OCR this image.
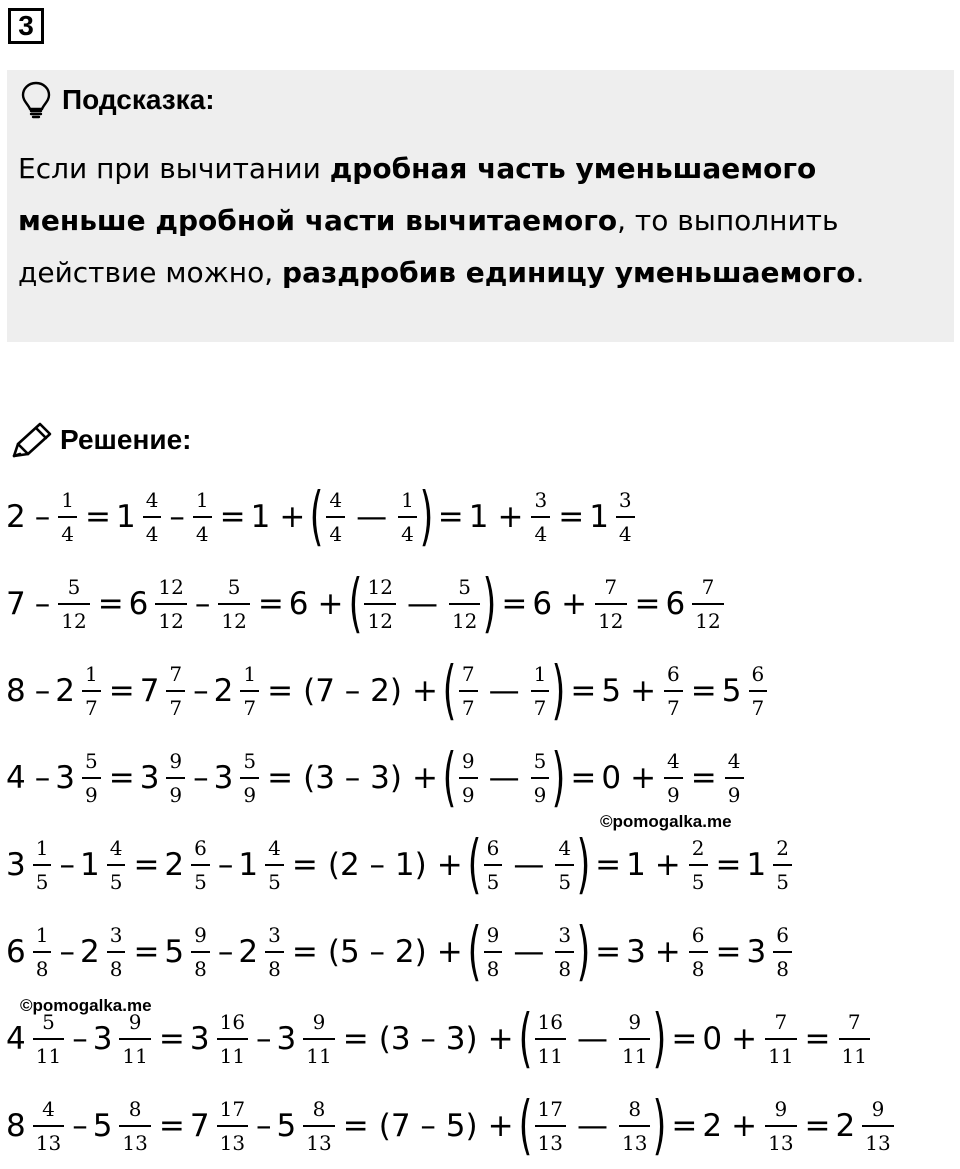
3
Подсказка:
Если при вычитании дробная часть уменьшаемого меньше дробной части вычитаемого, то выполнить действие можно, раздробив единицу уменьшаемого.
Решение:
$2 - \frac{1}{4} = 1 \frac{4}{4} - \frac{1}{4} = 1$ + ( $\frac{4}{4}$ — $\frac{1}{4}$ ) = $1 + \frac{3}{4} = 1 \frac{3}{4}$
$7 - \frac{5}{12} = 6 \frac{12}{12} - \frac{5}{12} = 6$ + ( $\frac{12}{12}$ — $\frac{5}{12}$ ) = $6 + \frac{7}{12} = 6 \frac{7}{12}$
$8 - 2 \frac{1}{7} = 7 \frac{7}{7} - 2 \frac{1}{7} = (7 - 2)$ + ( $\frac{7}{7}$ — $\frac{1}{7}$ ) = $5 + \frac{6}{7} = 5 \frac{6}{7}$
$4 - 3 \frac{5}{9} = 3 \frac{9}{9} - 3 \frac{5}{9} = (3 - 3)$ + ( $\frac{9}{9}$ — $\frac{5}{9}$ ) = $0 + \frac{4}{9} = \frac{4}{9}$
$3 \frac{1}{5} - 1 \frac{4}{5} = 2 \frac{6}{5} - 1 \frac{4}{5} = (2 - 1)$ + ( $\frac{6}{5}$ — $\frac{4}{5}$ ) = $1 + \frac{2}{5} = 1 \frac{2}{5}$
$6 \frac{1}{8} - 2 \frac{3}{8} = 5 \frac{9}{8} - 2 \frac{3}{8} = (5 - 2)$ + ( $\frac{9}{8}$ — $\frac{3}{8}$ ) = $3 + \frac{6}{8} = 3 \frac{6}{8}$
$4 \frac{5}{11} - 3 \frac{9}{11} = 3 \frac{16}{11} - 3 \frac{9}{11} = (3 - 3)$ + ( $\frac{16}{11}$ — $\frac{9}{11}$ ) = $0 + \frac{7}{11} = \frac{7}{11}$
$8 \frac{4}{13} - 5 \frac{8}{13} = 7 \frac{17}{13} - 5 \frac{8}{13} = (7 - 5)$ + ( $\frac{17}{13}$ — $\frac{8}{13}$ ) = $2 + \frac{9}{13} = 2 \frac{9}{13}$
©pomogalka.me
©pomogalka.me
